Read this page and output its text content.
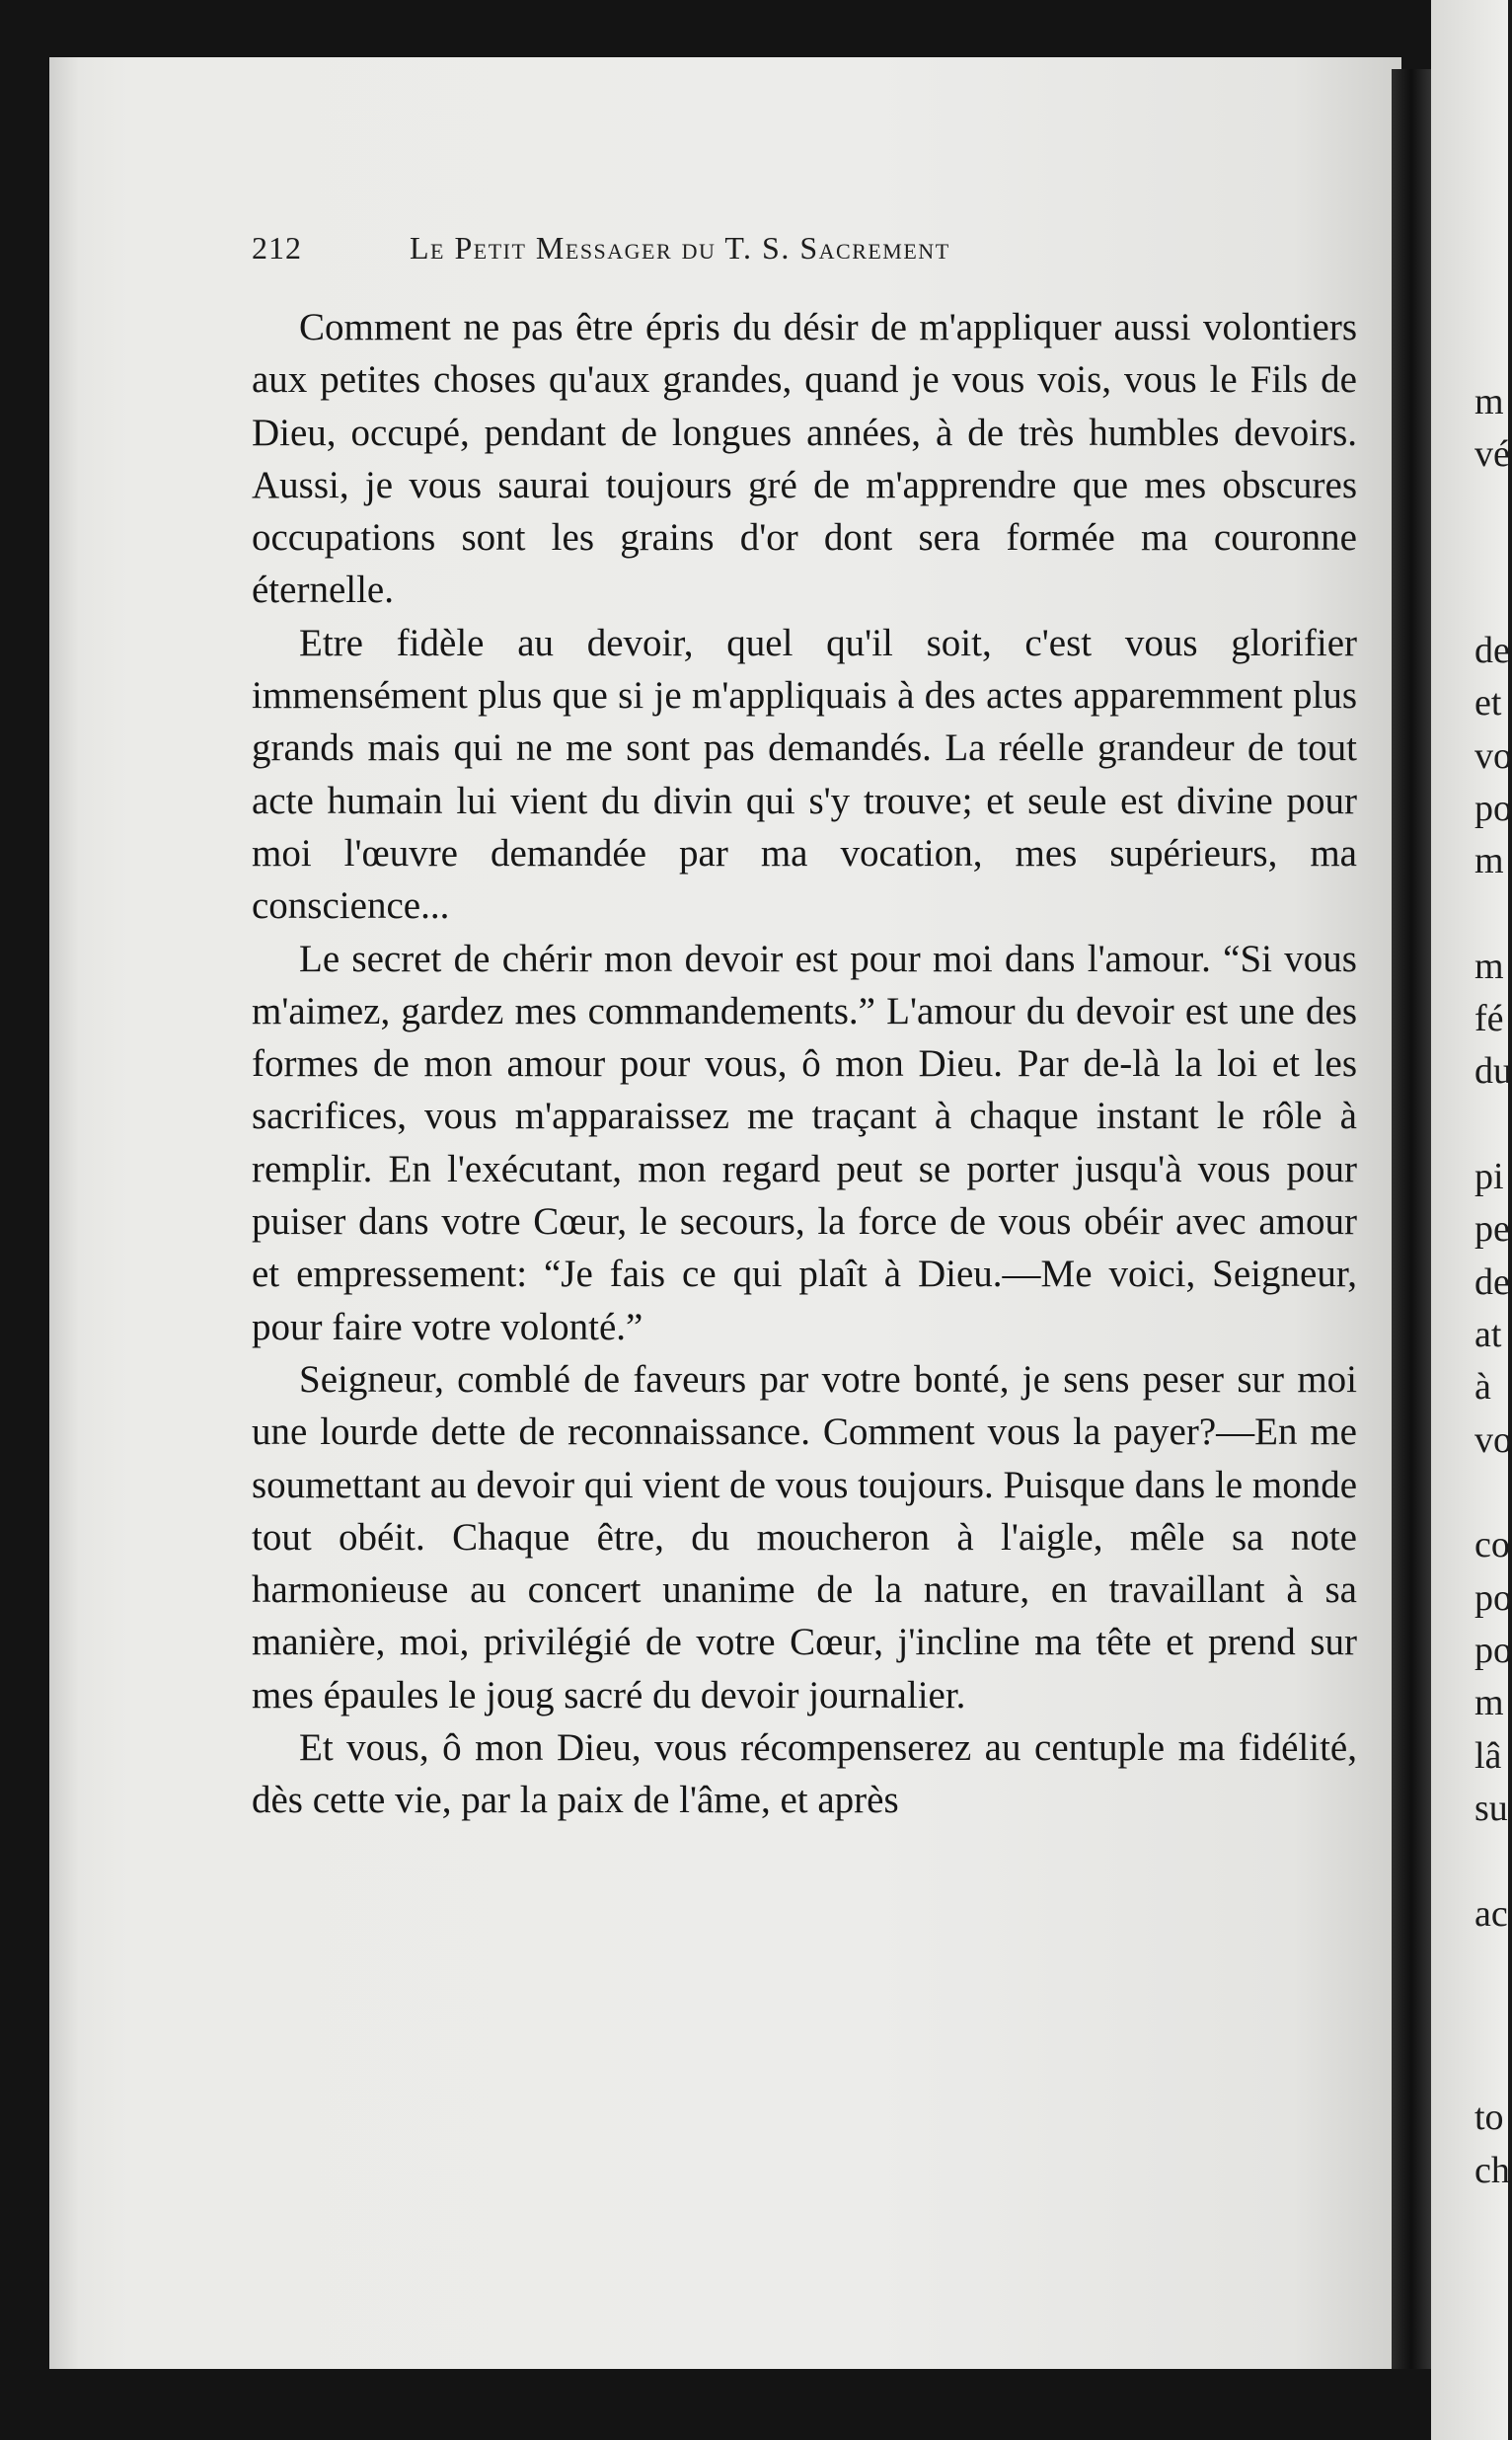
212	Le Petit Messager du T. S. Sacrement

Comment ne pas être épris du désir de m'appliquer aussi volontiers aux petites choses qu'aux grandes, quand je vous vois, vous le Fils de Dieu, occupé, pendant de longues années, à de très humbles devoirs. Aussi, je vous saurai toujours gré de m'apprendre que mes obscures occupations sont les grains d'or dont sera formée ma couronne éternelle.

Etre fidèle au devoir, quel qu'il soit, c'est vous glorifier immensément plus que si je m'appliquais à des actes apparemment plus grands mais qui ne me sont pas demandés. La réelle grandeur de tout acte humain lui vient du divin qui s'y trouve; et seule est divine pour moi l'œuvre demandée par ma vocation, mes supérieurs, ma conscience...

Le secret de chérir mon devoir est pour moi dans l'amour. “Si vous m'aimez, gardez mes commandements.” L'amour du devoir est une des formes de mon amour pour vous, ô mon Dieu. Par de-là la loi et les sacrifices, vous m'apparaissez me traçant à chaque instant le rôle à remplir. En l'exécutant, mon regard peut se porter jusqu'à vous pour puiser dans votre Cœur, le secours, la force de vous obéir avec amour et empressement: “Je fais ce qui plaît à Dieu.—Me voici, Seigneur, pour faire votre volonté.”

Seigneur, comblé de faveurs par votre bonté, je sens peser sur moi une lourde dette de reconnaissance. Comment vous la payer?—En me soumettant au devoir qui vient de vous toujours. Puisque dans le monde tout obéit. Chaque être, du moucheron à l'aigle, mêle sa note harmonieuse au concert unanime de la nature, en travaillant à sa manière, moi, privilégié de votre Cœur, j'incline ma tête et prend sur mes épaules le joug sacré du devoir journalier.

Et vous, ô mon Dieu, vous récompenserez au centuple ma fidélité, dès cette vie, par la paix de l'âme, et après

m
vé
de
et
vo
po
m
m
fé
du
pi
pe
de
at
à
vo
co
po
po
m
lâ
su
ac
to
ch
